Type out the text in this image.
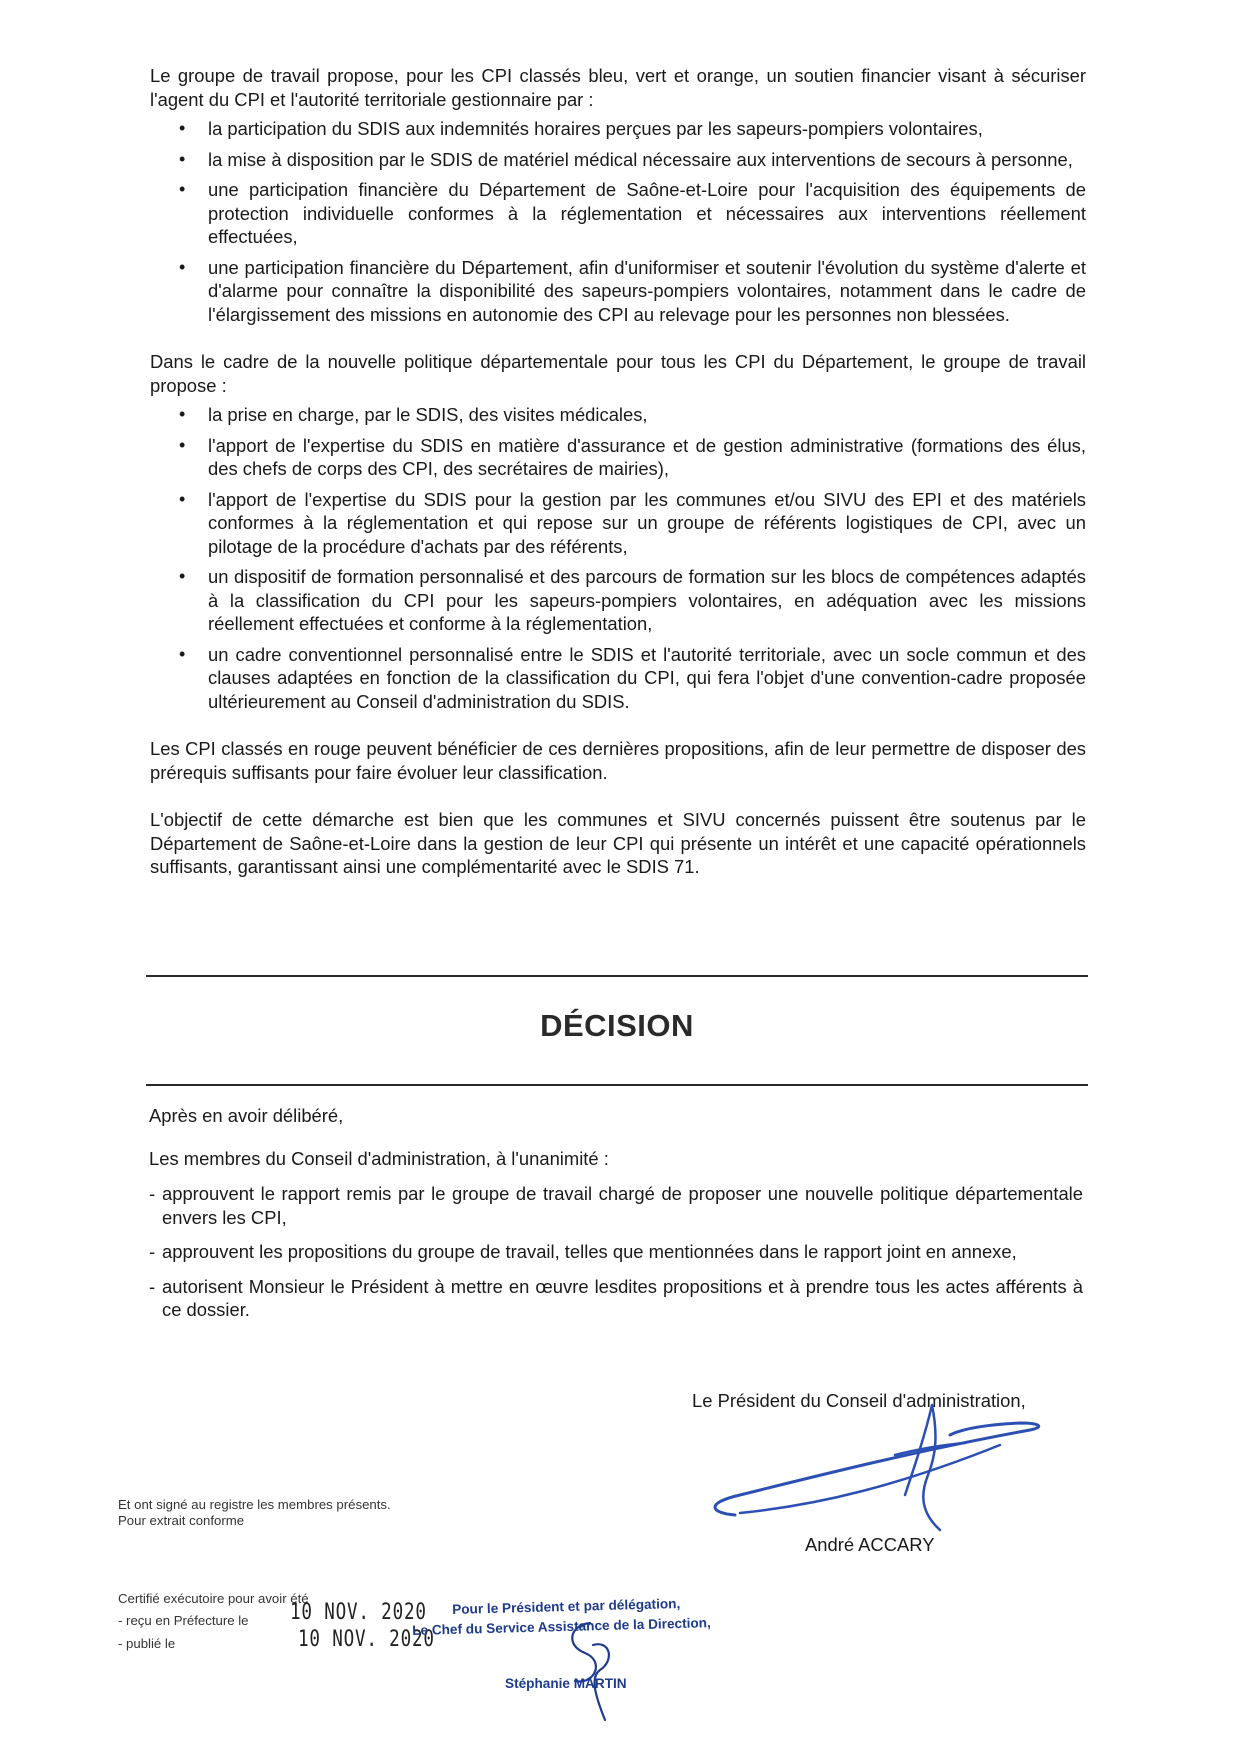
Le groupe de travail propose, pour les CPI classés bleu, vert et orange, un soutien financier visant à sécuriser l'agent du CPI et l'autorité territoriale gestionnaire par :

• la participation du SDIS aux indemnités horaires perçues par les sapeurs-pompiers volontaires,
• la mise à disposition par le SDIS de matériel médical nécessaire aux interventions de secours à personne,
• une participation financière du Département de Saône-et-Loire pour l'acquisition des équipements de protection individuelle conformes à la réglementation et nécessaires aux interventions réellement effectuées,
• une participation financière du Département, afin d'uniformiser et soutenir l'évolution du système d'alerte et d'alarme pour connaître la disponibilité des sapeurs-pompiers volontaires, notamment dans le cadre de l'élargissement des missions en autonomie des CPI au relevage pour les personnes non blessées.

Dans le cadre de la nouvelle politique départementale pour tous les CPI du Département, le groupe de travail propose :

• la prise en charge, par le SDIS, des visites médicales,
• l'apport de l'expertise du SDIS en matière d'assurance et de gestion administrative (formations des élus, des chefs de corps des CPI, des secrétaires de mairies),
• l'apport de l'expertise du SDIS pour la gestion par les communes et/ou SIVU des EPI et des matériels conformes à la réglementation et qui repose sur un groupe de référents logistiques de CPI, avec un pilotage de la procédure d'achats par des référents,
• un dispositif de formation personnalisé et des parcours de formation sur les blocs de compétences adaptés à la classification du CPI pour les sapeurs-pompiers volontaires, en adéquation avec les missions réellement effectuées et conforme à la réglementation,
• un cadre conventionnel personnalisé entre le SDIS et l'autorité territoriale, avec un socle commun et des clauses adaptées en fonction de la classification du CPI, qui fera l'objet d'une convention-cadre proposée ultérieurement au Conseil d'administration du SDIS.

Les CPI classés en rouge peuvent bénéficier de ces dernières propositions, afin de leur permettre de disposer des prérequis suffisants pour faire évoluer leur classification.

L'objectif de cette démarche est bien que les communes et SIVU concernés puissent être soutenus par le Département de Saône-et-Loire dans la gestion de leur CPI qui présente un intérêt et une capacité opérationnels suffisants, garantissant ainsi une complémentarité avec le SDIS 71.

DÉCISION

Après en avoir délibéré,

Les membres du Conseil d'administration, à l'unanimité :

- approuvent le rapport remis par le groupe de travail chargé de proposer une nouvelle politique départementale envers les CPI,
- approuvent les propositions du groupe de travail, telles que mentionnées dans le rapport joint en annexe,
- autorisent Monsieur le Président à mettre en œuvre lesdites propositions et à prendre tous les actes afférents à ce dossier.
Le Président du Conseil d'administration,
André ACCARY
Et ont signé au registre les membres présents.
Pour extrait conforme
Certifié exécutoire pour avoir été
- reçu en Préfecture le
- publié le
10 NOV. 2020
10 NOV. 2020
Pour le Président et par délégation,
Le Chef du Service Assistance de la Direction,
Stéphanie MARTIN
